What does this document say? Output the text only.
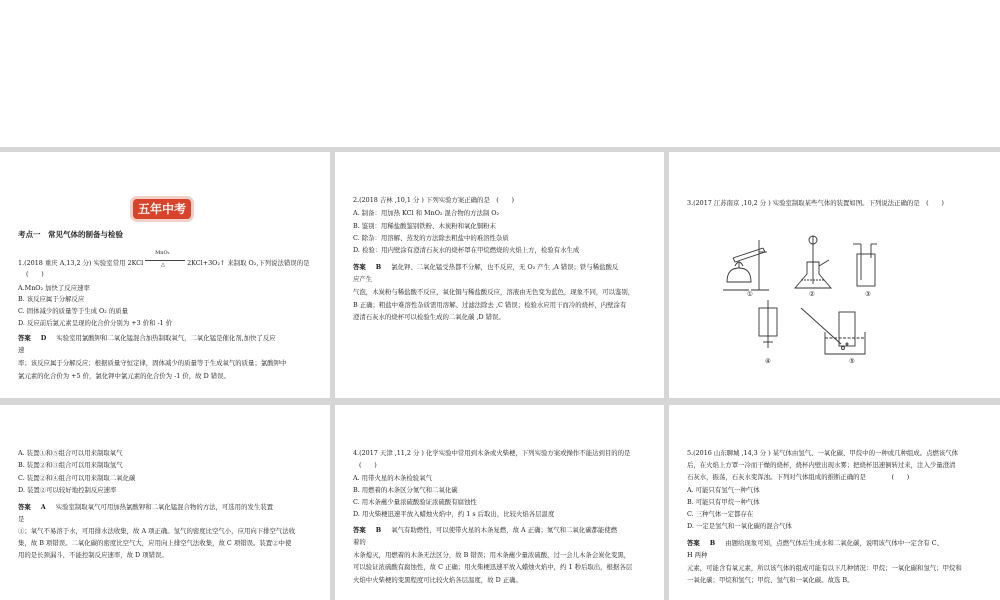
五年中考
考点一　常见气体的制备与检验
1.(2018 重庆 A,13,2 分) 实验室常用 2KCl
MnO₂
△	2KCl+3O₂↑ 来制取 O₂,下列说法错误的是
(　　)
A.MnO₂ 加快了反应速率
B. 该反应属于分解反应
C. 固体减少的质量等于生成 O₂ 的质量
D. 反应前后氯元素呈现的化合价分别为 +3 价和 -1 价
答案 D 实验室用氯酸钾和二氧化锰混合加热制取氧气，二氧化锰是催化剂,加快了反应
速
率；该反应属于分解反应；根据质量守恒定律，固体减少的质量等于生成氧气的质量；氯酸钾中
氯元素的化合价为 +5 价，氯化钾中氯元素的化合价为 -1 价，故 D 错误。
2.(2018 吉林 ,10,1 分 ) 下列实验方案正确的是　(　　)
A. 制备：用加热 KCl 和 MnO₂ 混合物的方法制 O₂
B. 鉴别：用稀盐酸鉴别铁粉、木炭粉和氧化铜粉末
C. 除杂：用溶解、蒸发的方法除去粗盐中的难溶性杂质
D. 检验：用内壁涂有澄清石灰水的烧杯罩在甲烷燃烧的火焰上方，检验有水生成
答案 B 氯化钾、二氧化锰受热都不分解，也不反应，无 O₂ 产生 ,A 错误；铁与稀盐酸反
应产生
气泡，木炭粉与稀盐酸不反应，氧化铜与稀盐酸反应，溶液由无色变为蓝色，现象不同，可以鉴别，
B 正确；粗盐中难溶性杂质需用溶解、过滤法除去 ,C 错误；检验水应用干而冷的烧杯，内壁涂有
澄清石灰水的烧杯可以检验生成的二氧化碳 ,D 错误。
3.(2017 江苏南京 ,10,2 分 ) 实验室制取某些气体的装置如图。下列说法正确的是　(　　)
①	②	③
④	⑤
A. 装置①和⑤组合可以用来制取氧气
B. 装置②和③组合可以用来制取氢气
C. 装置②和④组合可以用来制取二氧化碳
D. 装置②可以较好地控制反应速率
答案 A 实验室制取氧气可用加热氯酸钾和二氧化锰混合物的方法，可选用的发生装置
是
①；氧气不易溶于水，可用排水法收集，故 A 项正确。氢气的密度比空气小，应用向下排空气法收
集，故 B 项错误。二氧化碳的密度比空气大，应用向上排空气法收集，故 C 项错误。装置②中使
用的是长颈漏斗，不能控制反应速率，故 D 项错误。
4.(2017 天津 ,11,2 分 ) 化学实验中常用到木条或火柴梗，下列实验方案或操作不能达到目的的是
(　　)
A. 用带火星的木条检验氧气
B. 用燃着的木条区分氮气和二氧化碳
C. 用木条蘸少量浓硫酸验证浓硫酸有腐蚀性
D. 用火柴梗迅速平放入蜡烛火焰中，约 1 s 后取出，比较火焰各层温度
答案 B 氧气有助燃性，可以使带火星的木条复燃，故 A 正确；氮气和二氧化碳都能使燃
着的
木条熄灭，用燃着的木条无法区分，故 B 错误；用木条蘸少量浓硫酸，过一会儿木条会炭化变黑，
可以验证浓硫酸有腐蚀性，故 C 正确；用火柴梗迅速平放入蜡烛火焰中，约 1 秒后取出，根据各层
火焰中火柴梗的变黑程度可比较火焰各层温度，故 D 正确。
5.(2016 山东聊城 ,14,3 分 ) 某气体由氢气、一氧化碳、甲烷中的一种或几种组成。点燃该气体
后，在火焰上方罩一冷而干燥的烧杯，烧杯内壁出现水雾；把烧杯迅速倒转过来，注入少量澄清
石灰水，振荡，石灰水变浑浊。下列对气体组成的推断正确的是　　　　(　　)
A. 可能只有氢气一种气体
B. 可能只有甲烷一种气体
C. 三种气体一定都存在
D. 一定是氢气和一氧化碳的混合气体
答案 B 由题给现象可知，点燃气体后生成水和二氧化碳，说明该气体中一定含有 C、
H 两种
元素，可能含有氧元素，所以该气体的组成可能有以下几种情况：甲烷；一氧化碳和氢气；甲烷和
一氧化碳；甲烷和氢气；甲烷、氢气和一氧化碳。故选 B。
